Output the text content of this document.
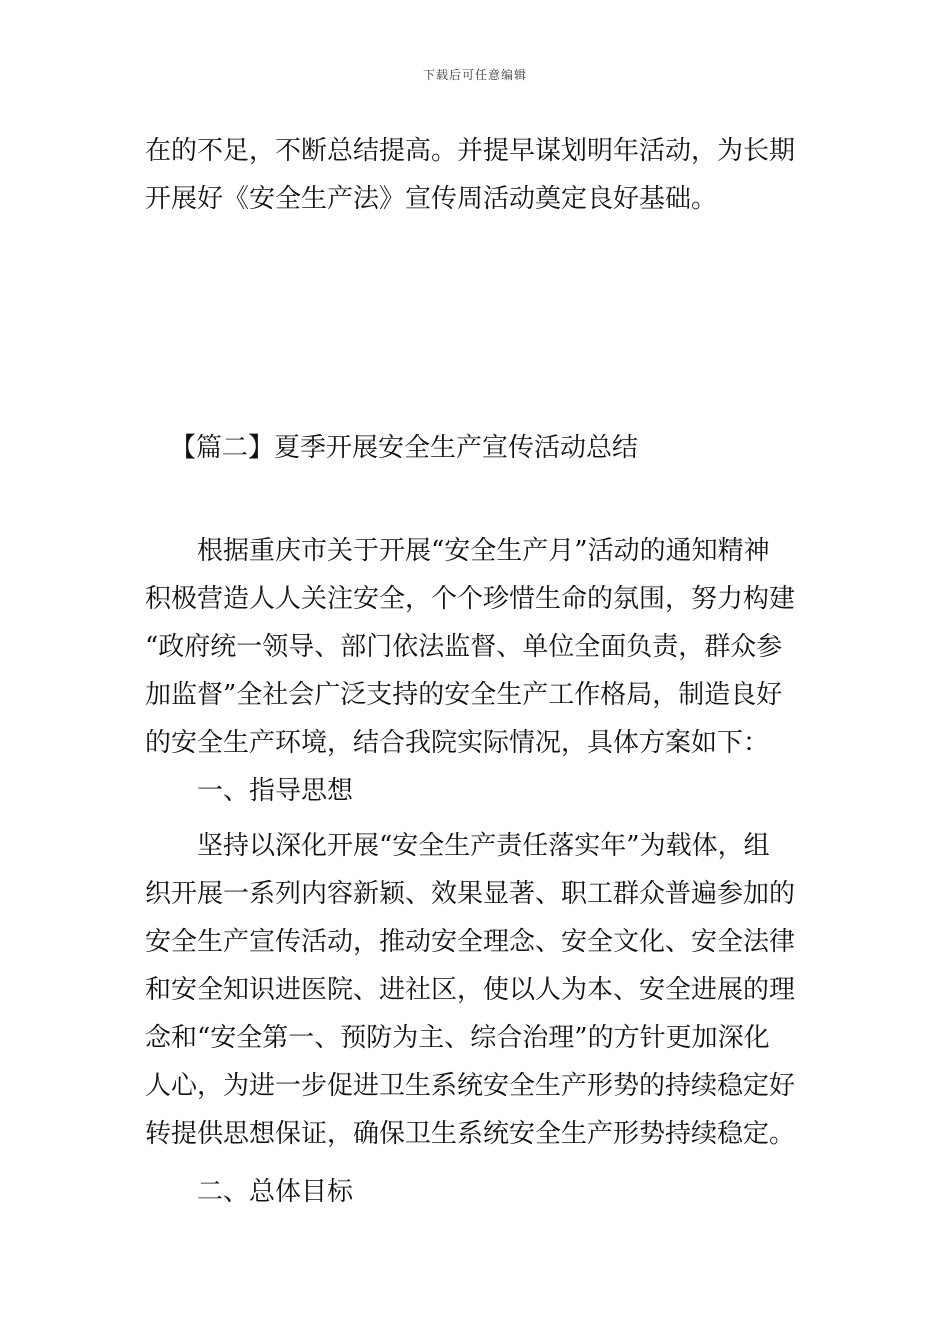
下载后可任意编辑
在的不足，不断总结提高。并提早谋划明年活动，为长期
开展好《安全生产法》宣传周活动奠定良好基础。
【篇二】夏季开展安全生产宣传活动总结
根据重庆市关于开展“安全生产月”活动的通知精神
积极营造人人关注安全，个个珍惜生命的氛围，努力构建
“政府统一领导、部门依法监督、单位全面负责，群众参
加监督”全社会广泛支持的安全生产工作格局，制造良好
的安全生产环境，结合我院实际情况，具体方案如下：
一、指导思想
坚持以深化开展“安全生产责任落实年”为载体，组
织开展一系列内容新颖、效果显著、职工群众普遍参加的
安全生产宣传活动，推动安全理念、安全文化、安全法律
和安全知识进医院、进社区，使以人为本、安全进展的理
念和“安全第一、预防为主、综合治理”的方针更加深化
人心，为进一步促进卫生系统安全生产形势的持续稳定好
转提供思想保证，确保卫生系统安全生产形势持续稳定。
二、总体目标
